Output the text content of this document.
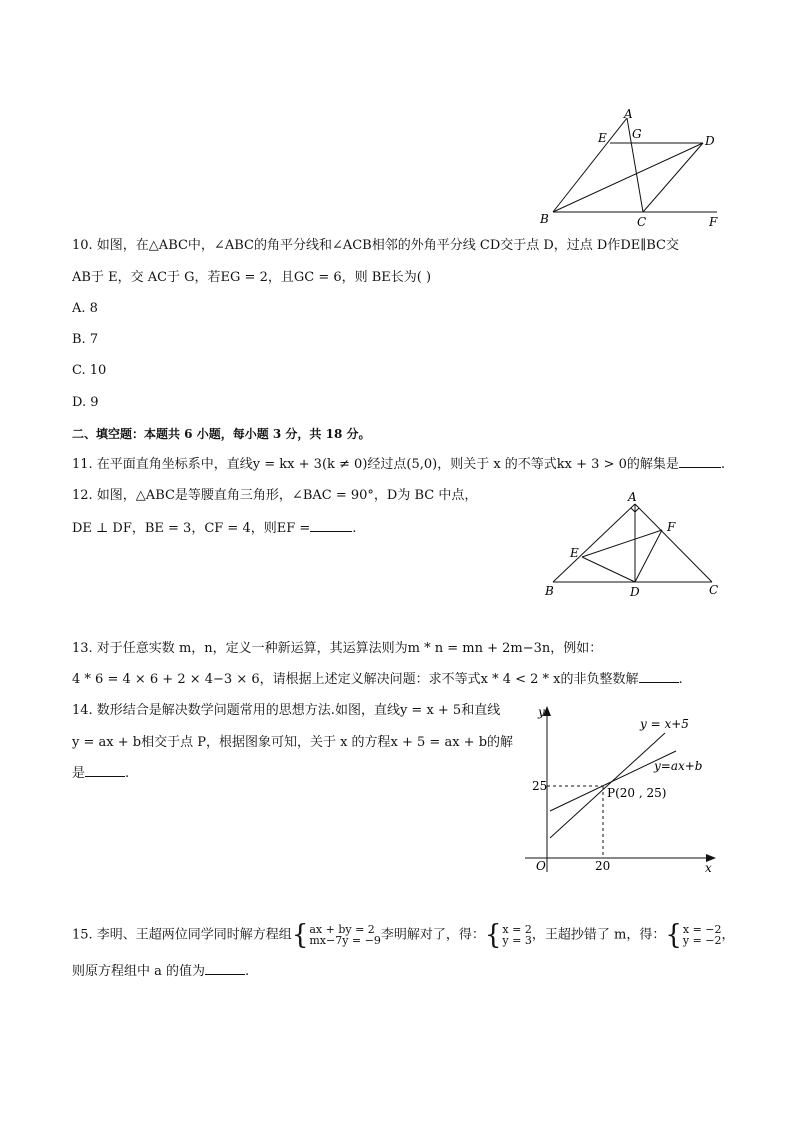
A
G
E	D
B	C	F
10. 如图，在△ABC中，∠ABC的角平分线和∠ACB相邻的外角平分线 CD交于点 D，过点 D作DE∥BC交
AB于 E，交 AC于 G，若EG = 2，且GC = 6，则 BE长为( )
A. 8
B. 7
C. 10
D. 9
二、填空题：本题共 6 小题，每小题 3 分，共 18 分。
11. 在平面直角坐标系中，直线y = kx + 3(k ≠ 0)经过点(5,0)，则关于 x 的不等式kx + 3 > 0的解集是	.
12. 如图，△ABC是等腰直角三角形，∠BAC = 90°，D为 BC 中点，
DE ⊥ DF，BE = 3，CF = 4，则EF =	.
A
F
E
B	D	C
13. 对于任意实数 m，n，定义一种新运算，其运算法则为m * n = mn + 2m−3n，例如：
4 * 6 = 4 × 6 + 2 × 4−3 × 6，请根据上述定义解决问题：求不等式x * 4 < 2 * x的非负整数解	.
14. 数形结合是解决数学问题常用的思想方法.如图，直线y = x + 5和直线
y = ax + b相交于点 P，根据图象可知，关于 x 的方程x + 5 = ax + b的解
是	.
y
x
O
25
20
y = x+5
y=ax+b
P(20 , 25)
15. 李明、王超两位同学同时解方程组 { ax + by = 2
mx−7y = −9 李明解对了，得： { x = 2
y = 3 ，王超抄错了 m，得： { x = −2
y = −2 ，
则原方程组中 a 的值为	.
